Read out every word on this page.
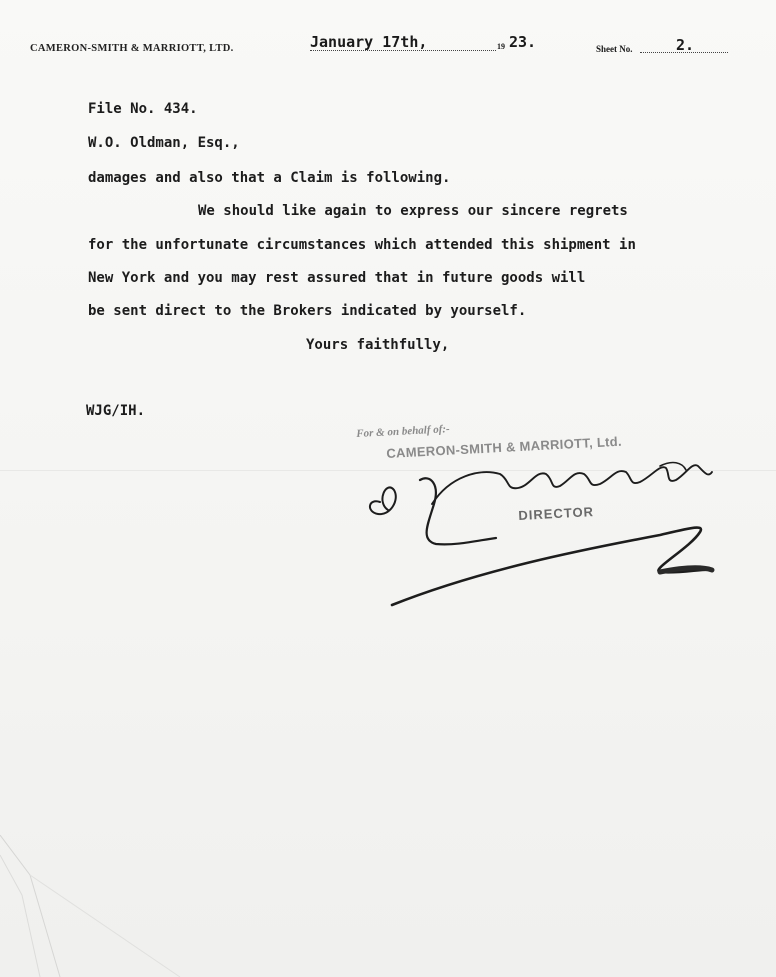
CAMERON-SMITH & MARRIOTT, LTD.	January 17th,	19 23.	Sheet No.	2.
File No. 434.
W.O. Oldman, Esq.,
damages and also that a Claim is following.
We should like again to express our sincere regrets
for the unfortunate circumstances which attended this shipment in
New York and you may rest assured that in future goods will
be sent direct to the Brokers indicated by yourself.
Yours faithfully,
WJG/IH.
For & on behalf of:-
CAMERON-SMITH & MARRIOTT, Ltd.
DIRECTOR
